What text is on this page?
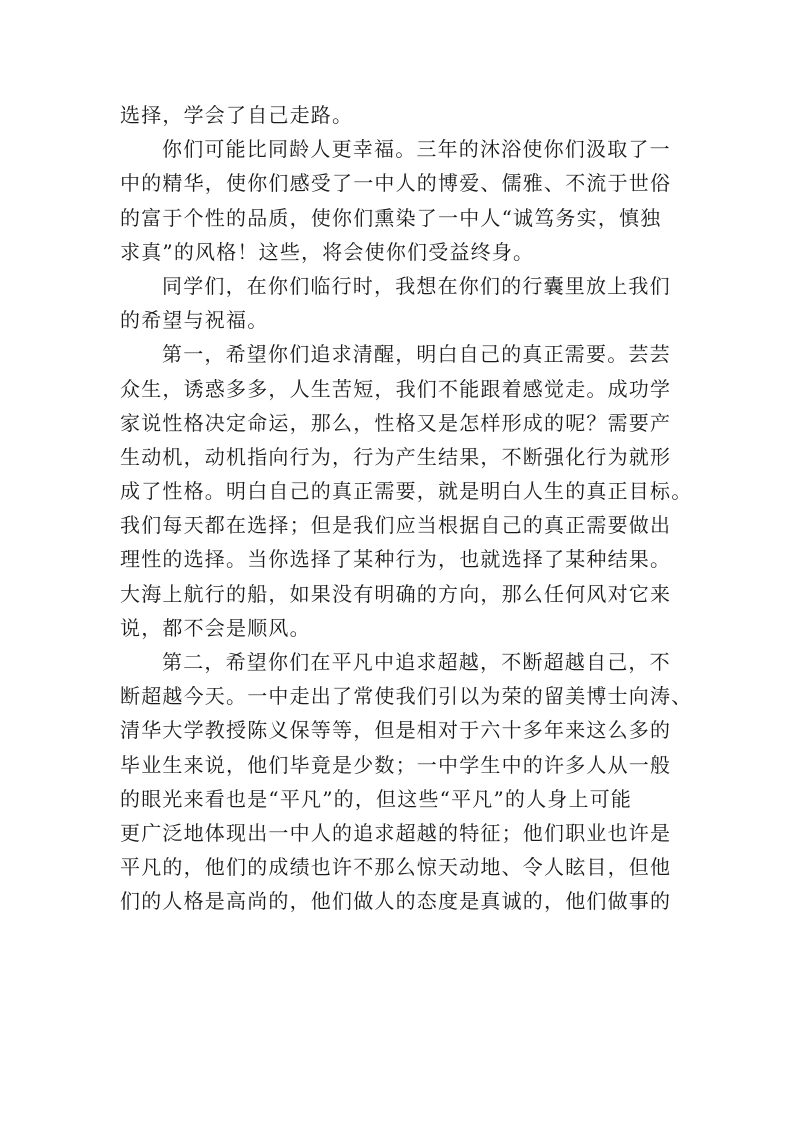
选择，学会了自己走路。
你们可能比同龄人更幸福。三年的沐浴使你们汲取了一
中的精华，使你们感受了一中人的博爱、儒雅、不流于世俗
的富于个性的品质，使你们熏染了一中人“诚笃务实，慎独
求真”的风格！这些，将会使你们受益终身。
同学们，在你们临行时，我想在你们的行囊里放上我们
的希望与祝福。
第一，希望你们追求清醒，明白自己的真正需要。芸芸
众生，诱惑多多，人生苦短，我们不能跟着感觉走。成功学
家说性格决定命运，那么，性格又是怎样形成的呢？需要产
生动机，动机指向行为，行为产生结果，不断强化行为就形
成了性格。明白自己的真正需要，就是明白人生的真正目标。
我们每天都在选择；但是我们应当根据自己的真正需要做出
理性的选择。当你选择了某种行为，也就选择了某种结果。
大海上航行的船，如果没有明确的方向，那么任何风对它来
说，都不会是顺风。
第二，希望你们在平凡中追求超越，不断超越自己，不
断超越今天。一中走出了常使我们引以为荣的留美博士向涛、
清华大学教授陈义保等等，但是相对于六十多年来这么多的
毕业生来说，他们毕竟是少数；一中学生中的许多人从一般
的眼光来看也是“平凡”的，但这些“平凡”的人身上可能
更广泛地体现出一中人的追求超越的特征；他们职业也许是
平凡的，他们的成绩也许不那么惊天动地、令人眩目，但他
们的人格是高尚的，他们做人的态度是真诚的，他们做事的
